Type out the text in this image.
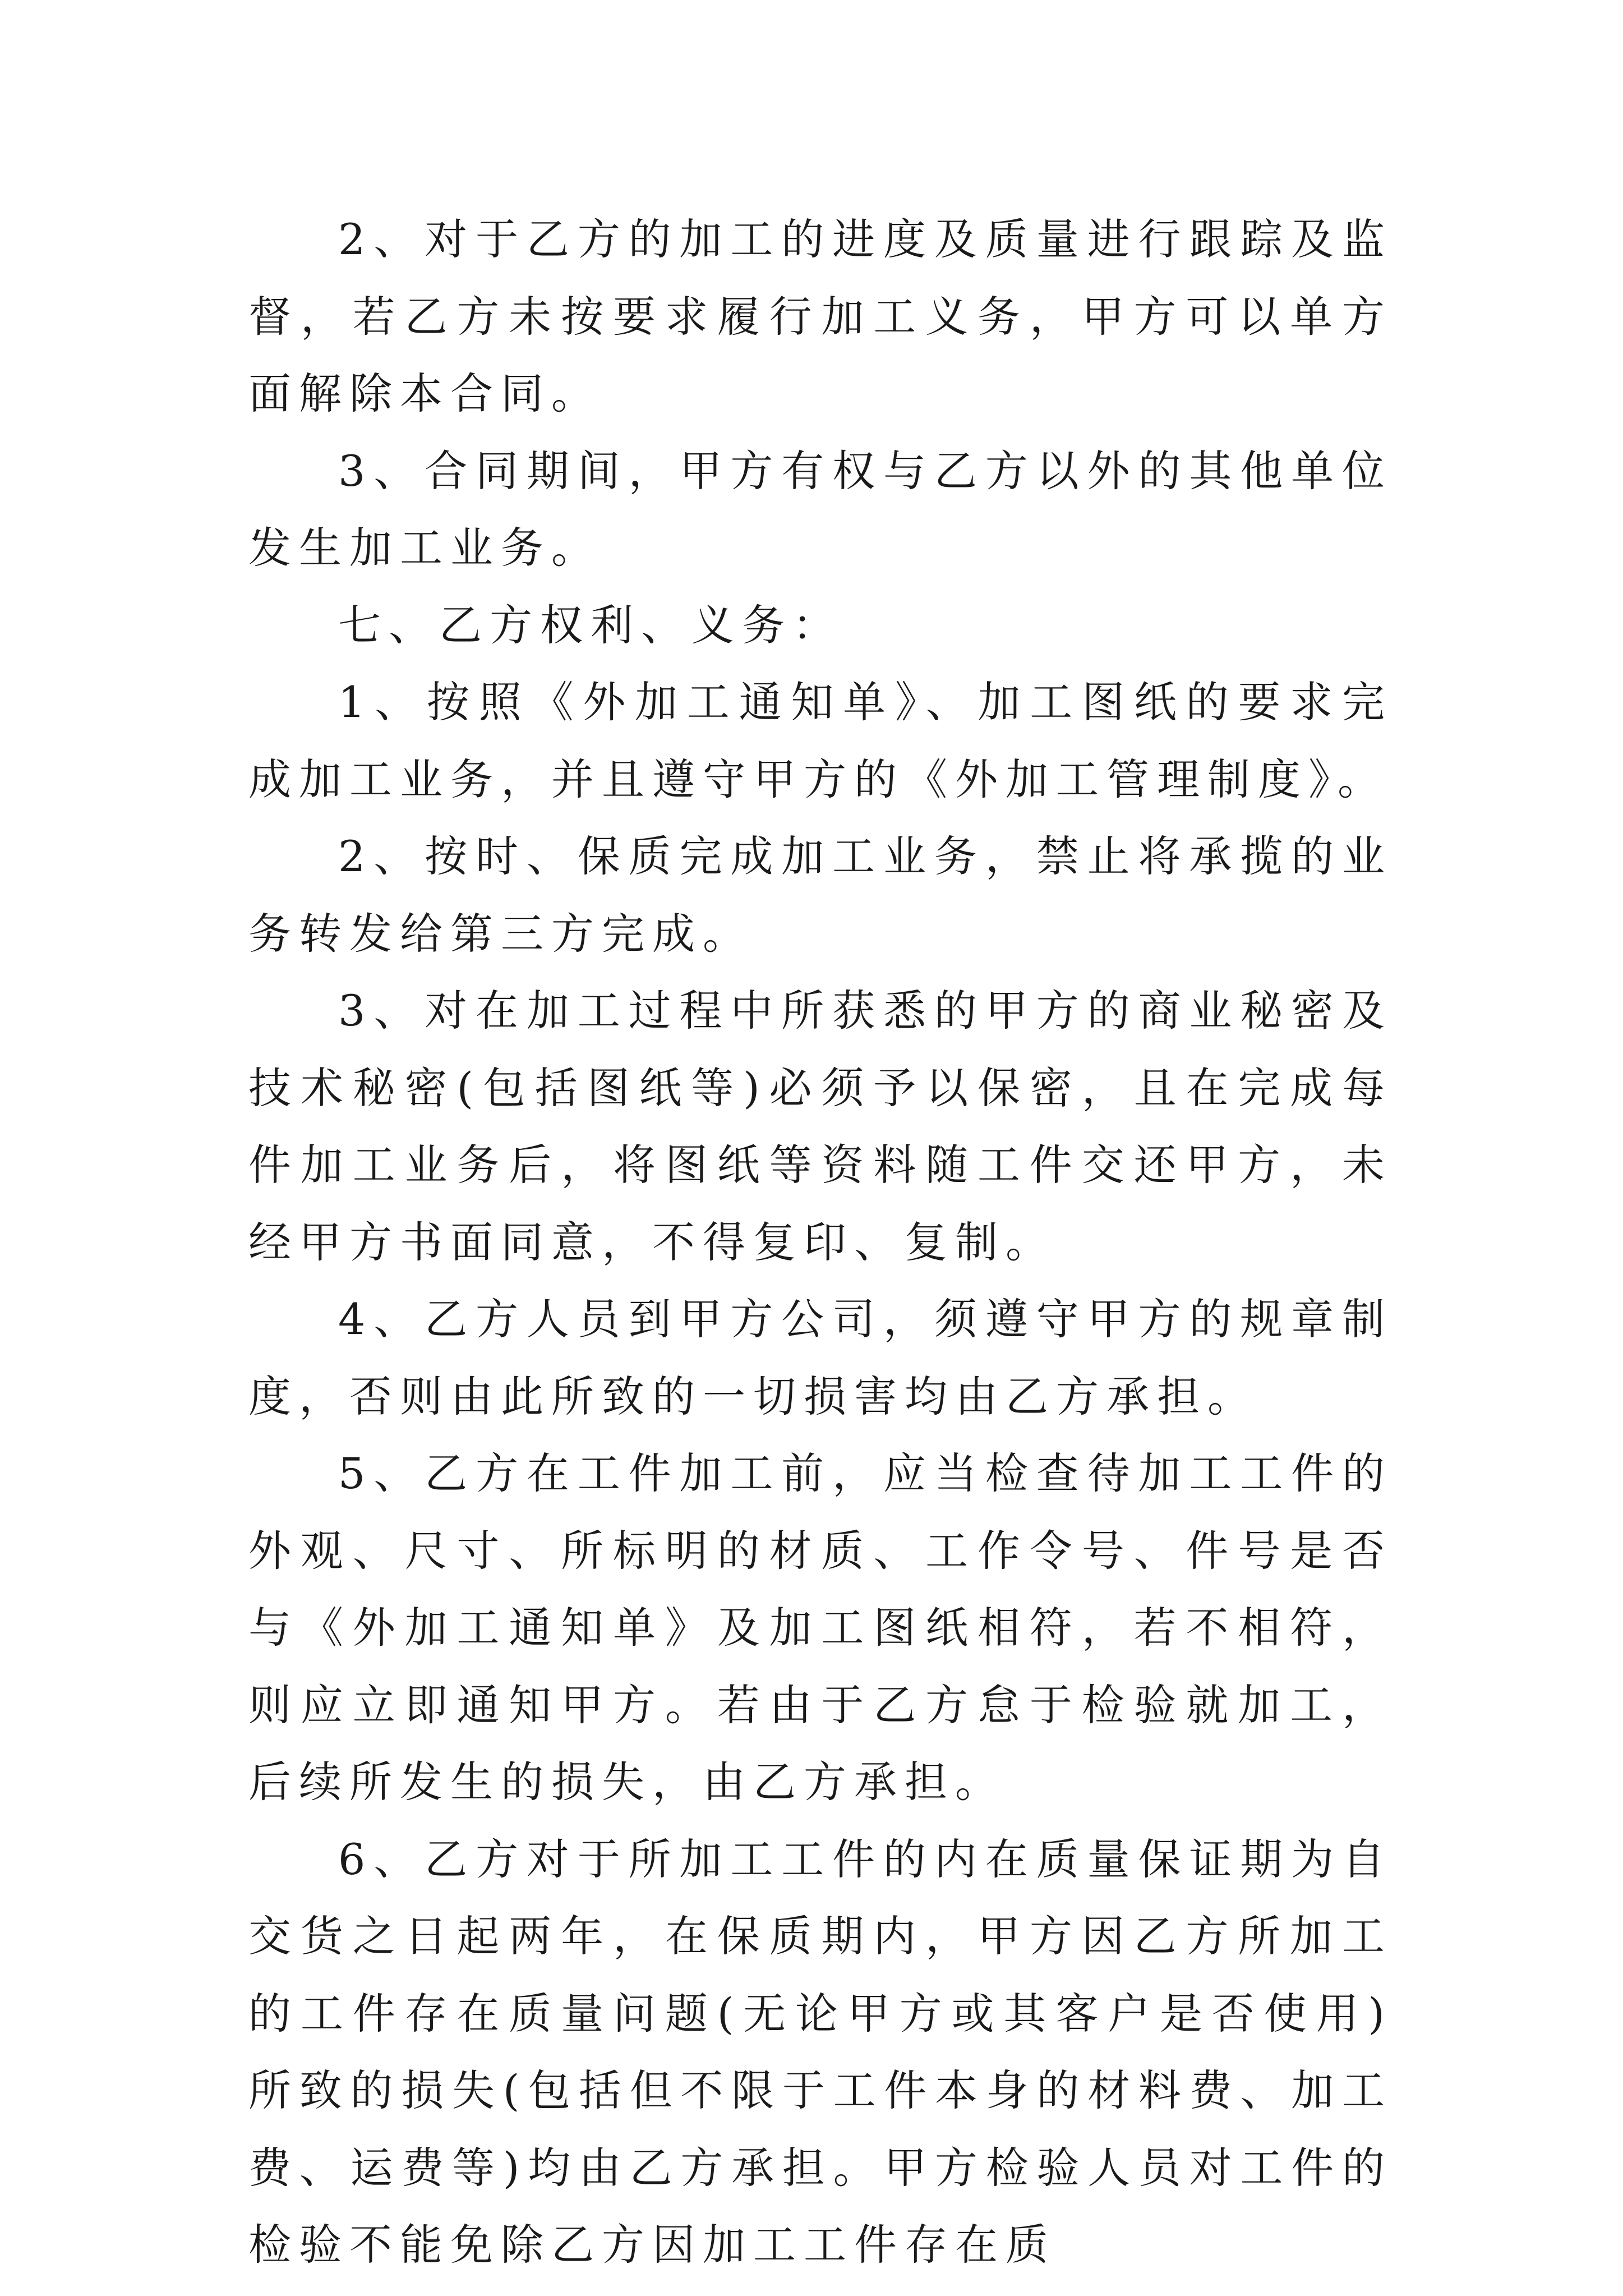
2、对于乙方的加工的进度及质量进行跟踪及监督，若乙方未按要求履行加工义务，甲方可以单方面解除本合同。

3、合同期间，甲方有权与乙方以外的其他单位发生加工业务。

七、乙方权利、义务：

1、按照《外加工通知单》、加工图纸的要求完成加工业务，并且遵守甲方的《外加工管理制度》。

2、按时、保质完成加工业务，禁止将承揽的业务转发给第三方完成。

3、对在加工过程中所获悉的甲方的商业秘密及技术秘密(包括图纸等)必须予以保密，且在完成每件加工业务后，将图纸等资料随工件交还甲方，未经甲方书面同意，不得复印、复制。

4、乙方人员到甲方公司，须遵守甲方的规章制度，否则由此所致的一切损害均由乙方承担。

5、乙方在工件加工前，应当检查待加工工件的外观、尺寸、所标明的材质、工作令号、件号是否与《外加工通知单》及加工图纸相符，若不相符，则应立即通知甲方。若由于乙方怠于检验就加工，后续所发生的损失，由乙方承担。

6、乙方对于所加工工件的内在质量保证期为自交货之日起两年，在保质期内，甲方因乙方所加工的工件存在质量问题(无论甲方或其客户是否使用)所致的损失(包括但不限于工件本身的材料费、加工费、运费等)均由乙方承担。甲方检验人员对工件的检验不能免除乙方因加工工件存在质
